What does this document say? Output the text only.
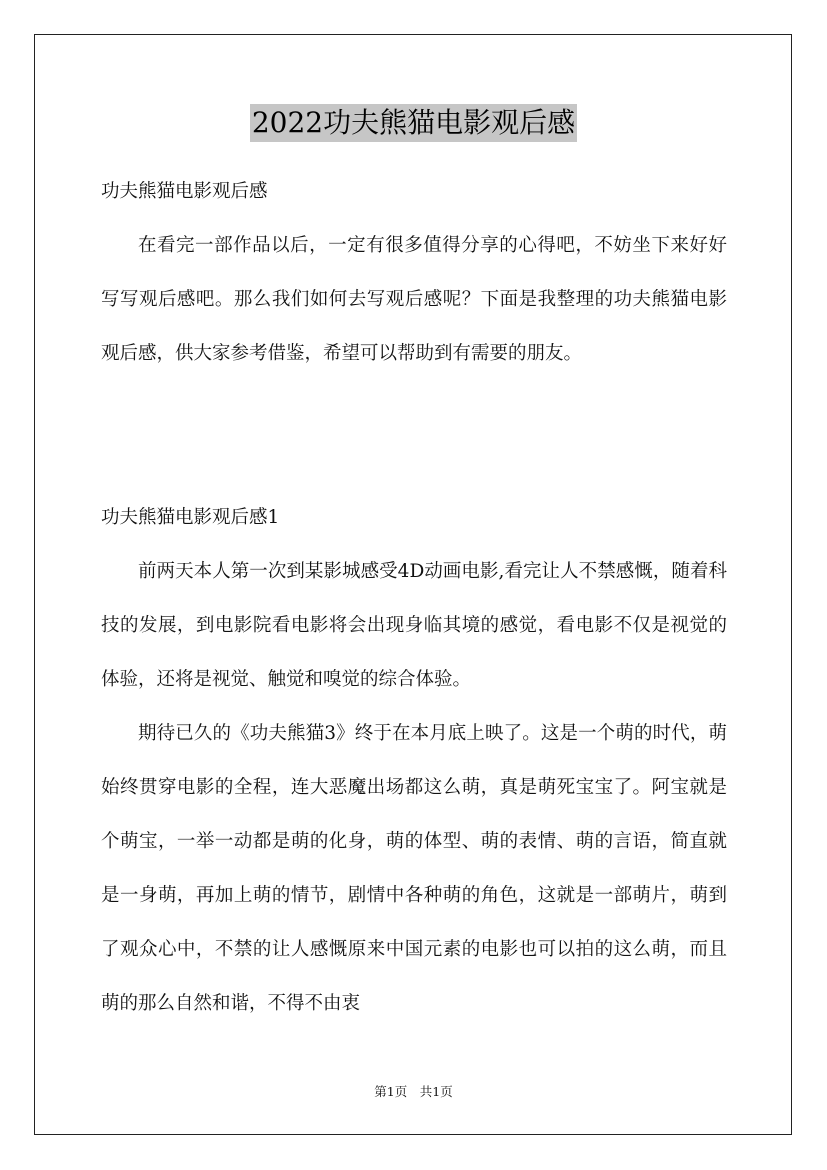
2022功夫熊猫电影观后感
功夫熊猫电影观后感
在看完一部作品以后，一定有很多值得分享的心得吧，不妨坐下来好好写写观后感吧。那么我们如何去写观后感呢？下面是我整理的功夫熊猫电影观后感，供大家参考借鉴，希望可以帮助到有需要的朋友。
功夫熊猫电影观后感1
前两天本人第一次到某影城感受4D动画电影,看完让人不禁感慨，随着科技的发展，到电影院看电影将会出现身临其境的感觉，看电影不仅是视觉的体验，还将是视觉、触觉和嗅觉的综合体验。
期待已久的《功夫熊猫3》终于在本月底上映了。这是一个萌的时代，萌始终贯穿电影的全程，连大恶魔出场都这么萌，真是萌死宝宝了。阿宝就是个萌宝，一举一动都是萌的化身，萌的体型、萌的表情、萌的言语，简直就是一身萌，再加上萌的情节，剧情中各种萌的角色，这就是一部萌片，萌到了观众心中，不禁的让人感慨原来中国元素的电影也可以拍的这么萌，而且萌的那么自然和谐，不得不由衷
第1页　共1页
